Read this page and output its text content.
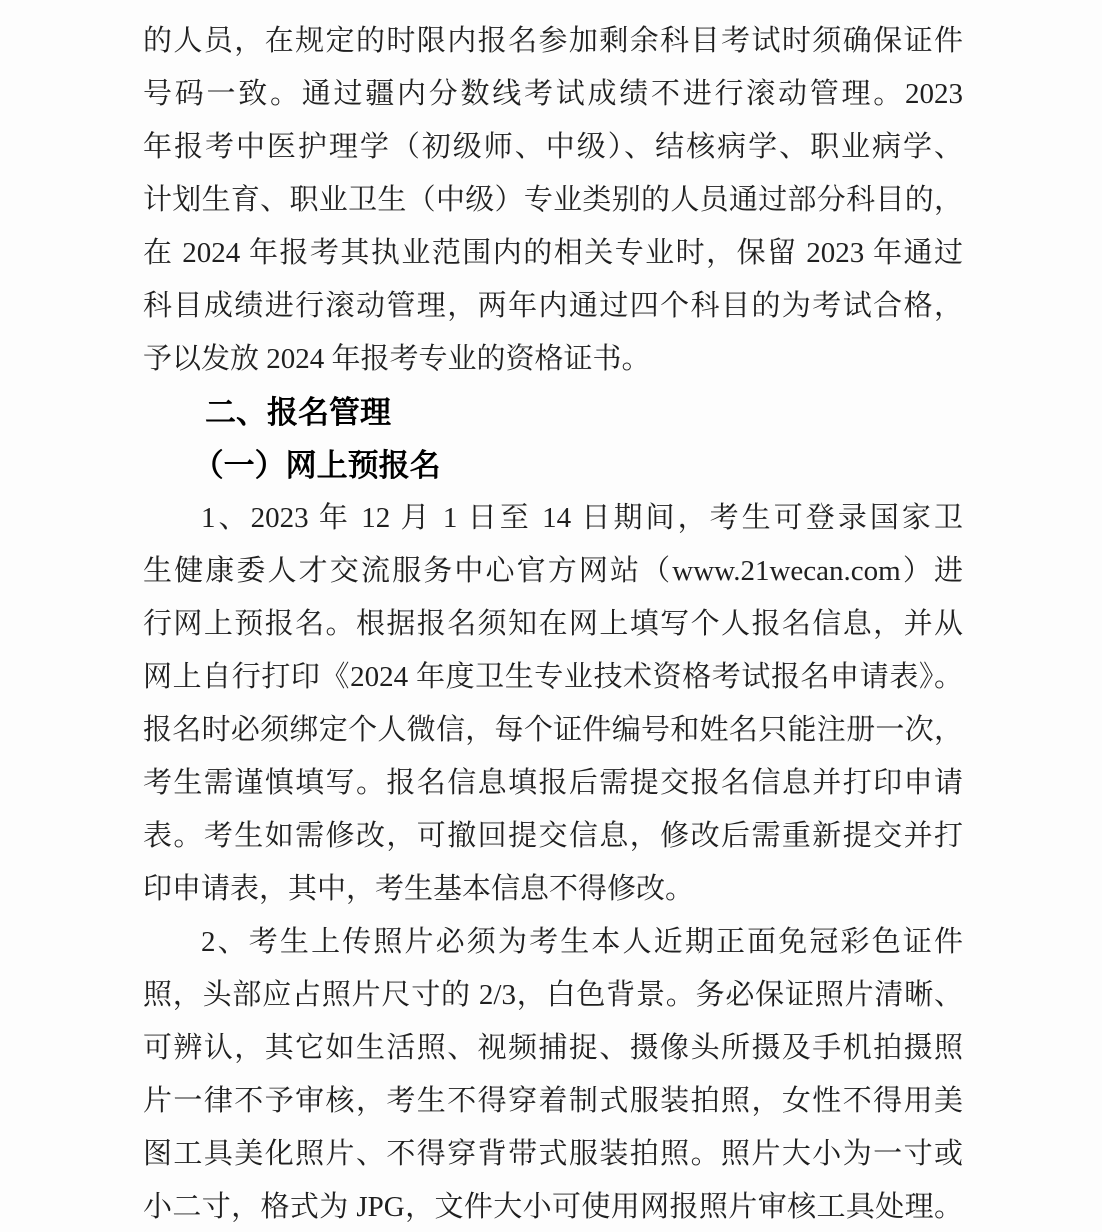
的人员，在规定的时限内报名参加剩余科目考试时须确保证件
号码一致。通过疆内分数线考试成绩不进行滚动管理。2023
年报考中医护理学（初级师、中级）、结核病学、职业病学、
计划生育、职业卫生（中级）专业类别的人员通过部分科目的，
在 2024 年报考其执业范围内的相关专业时，保留 2023 年通过
科目成绩进行滚动管理，两年内通过四个科目的为考试合格，
予以发放 2024 年报考专业的资格证书。
二、报名管理
（一）网上预报名
1、2023 年 12 月 1 日至 14 日期间，考生可登录国家卫
生健康委人才交流服务中心官方网站（www.21wecan.com）进
行网上预报名。根据报名须知在网上填写个人报名信息，并从
网上自行打印《2024 年度卫生专业技术资格考试报名申请表》。
报名时必须绑定个人微信，每个证件编号和姓名只能注册一次，
考生需谨慎填写。报名信息填报后需提交报名信息并打印申请
表。考生如需修改，可撤回提交信息，修改后需重新提交并打
印申请表，其中，考生基本信息不得修改。
2、考生上传照片必须为考生本人近期正面免冠彩色证件
照，头部应占照片尺寸的 2/3，白色背景。务必保证照片清晰、
可辨认，其它如生活照、视频捕捉、摄像头所摄及手机拍摄照
片一律不予审核，考生不得穿着制式服装拍照，女性不得用美
图工具美化照片、不得穿背带式服装拍照。照片大小为一寸或
小二寸，格式为 JPG，文件大小可使用网报照片审核工具处理。
